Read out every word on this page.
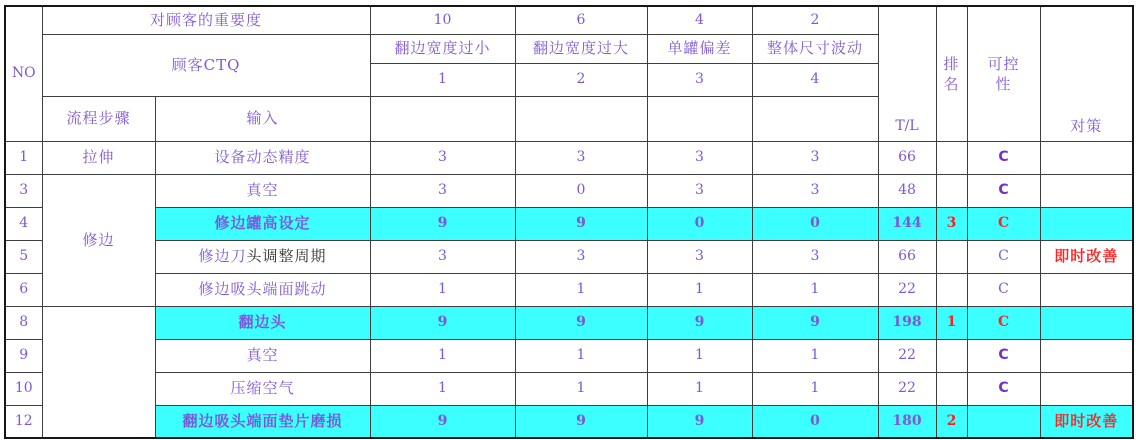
NO	对顾客的重要度		10	6	4	2	T/L	排名	可控性	对策
	顾客CTQ		翻边宽度过小	翻边宽度过大	单罐偏差	整体尺寸波动				
			1	2	3	4				
	流程步骤	输入								
1	拉伸	设备动态精度	3	3	3	3	66		C	
3	修边	真空	3	0	3	3	48		C	
4		修边罐高设定	9	9	0	0	144	3	C	
5		修边刀头调整周期	3	3	3	3	66		C	即时改善
6		修边吸头端面跳动	1	1	1	1	22		C	
8		翻边头	9	9	9	9	198	1	C	
9		真空	1	1	1	1	22		C	
10		压缩空气	1	1	1	1	22		C	
12		翻边吸头端面垫片磨损	9	9	9	0	180	2		即时改善
